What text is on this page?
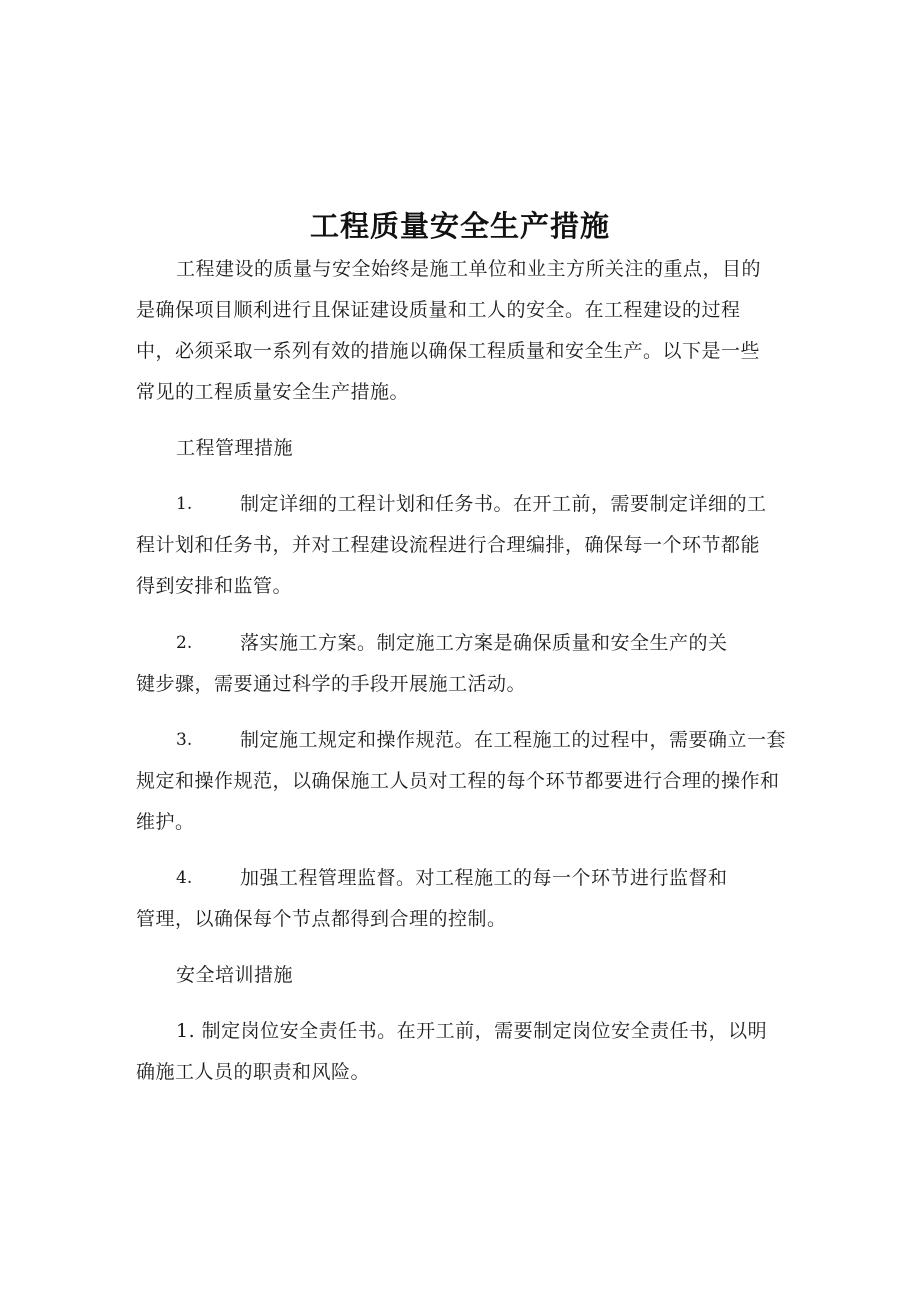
工程质量安全生产措施

工程建设的质量与安全始终是施工单位和业主方所关注的重点，目的

是确保项目顺利进行且保证建设质量和工人的安全。在工程建设的过程

中，必须采取一系列有效的措施以确保工程质量和安全生产。以下是一些

常见的工程质量安全生产措施。

工程管理措施

1.	制定详细的工程计划和任务书。在开工前，需要制定详细的工

程计划和任务书，并对工程建设流程进行合理编排，确保每一个环节都能

得到安排和监管。

2.	落实施工方案。制定施工方案是确保质量和安全生产的关

键步骤，需要通过科学的手段开展施工活动。

3.	制定施工规定和操作规范。在工程施工的过程中，需要确立一套

规定和操作规范，以确保施工人员对工程的每个环节都要进行合理的操作和

维护。

4.	加强工程管理监督。对工程施工的每一个环节进行监督和

管理，以确保每个节点都得到合理的控制。

安全培训措施

1. 制定岗位安全责任书。在开工前，需要制定岗位安全责任书，以明

确施工人员的职责和风险。
